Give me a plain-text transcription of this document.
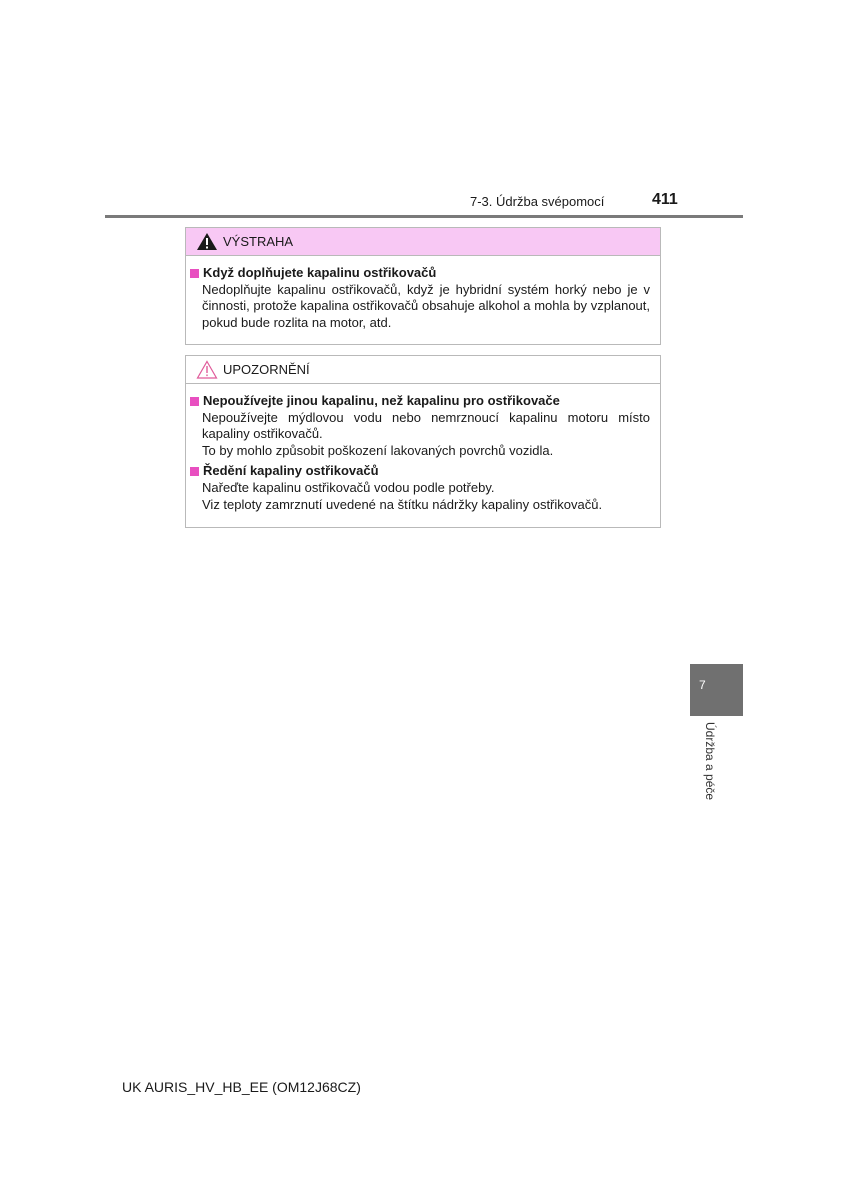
7-3. Údržba svépomocí	411
VÝSTRAHA
Když doplňujete kapalinu ostřikovačů
Nedoplňujte kapalinu ostřikovačů, když je hybridní systém horký nebo je v činnosti, protože kapalina ostřikovačů obsahuje alkohol a mohla by vzplanout, pokud bude rozlita na motor, atd.
UPOZORNĚNÍ
Nepoužívejte jinou kapalinu, než kapalinu pro ostřikovače
Nepoužívejte mýdlovou vodu nebo nemrznoucí kapalinu motoru místo kapaliny ostřikovačů.
To by mohlo způsobit poškození lakovaných povrchů vozidla.
Ředění kapaliny ostřikovačů
Nařeďte kapalinu ostřikovačů vodou podle potřeby.
Viz teploty zamrznutí uvedené na štítku nádržky kapaliny ostřikovačů.
7
Údržba a péče
UK AURIS_HV_HB_EE (OM12J68CZ)
